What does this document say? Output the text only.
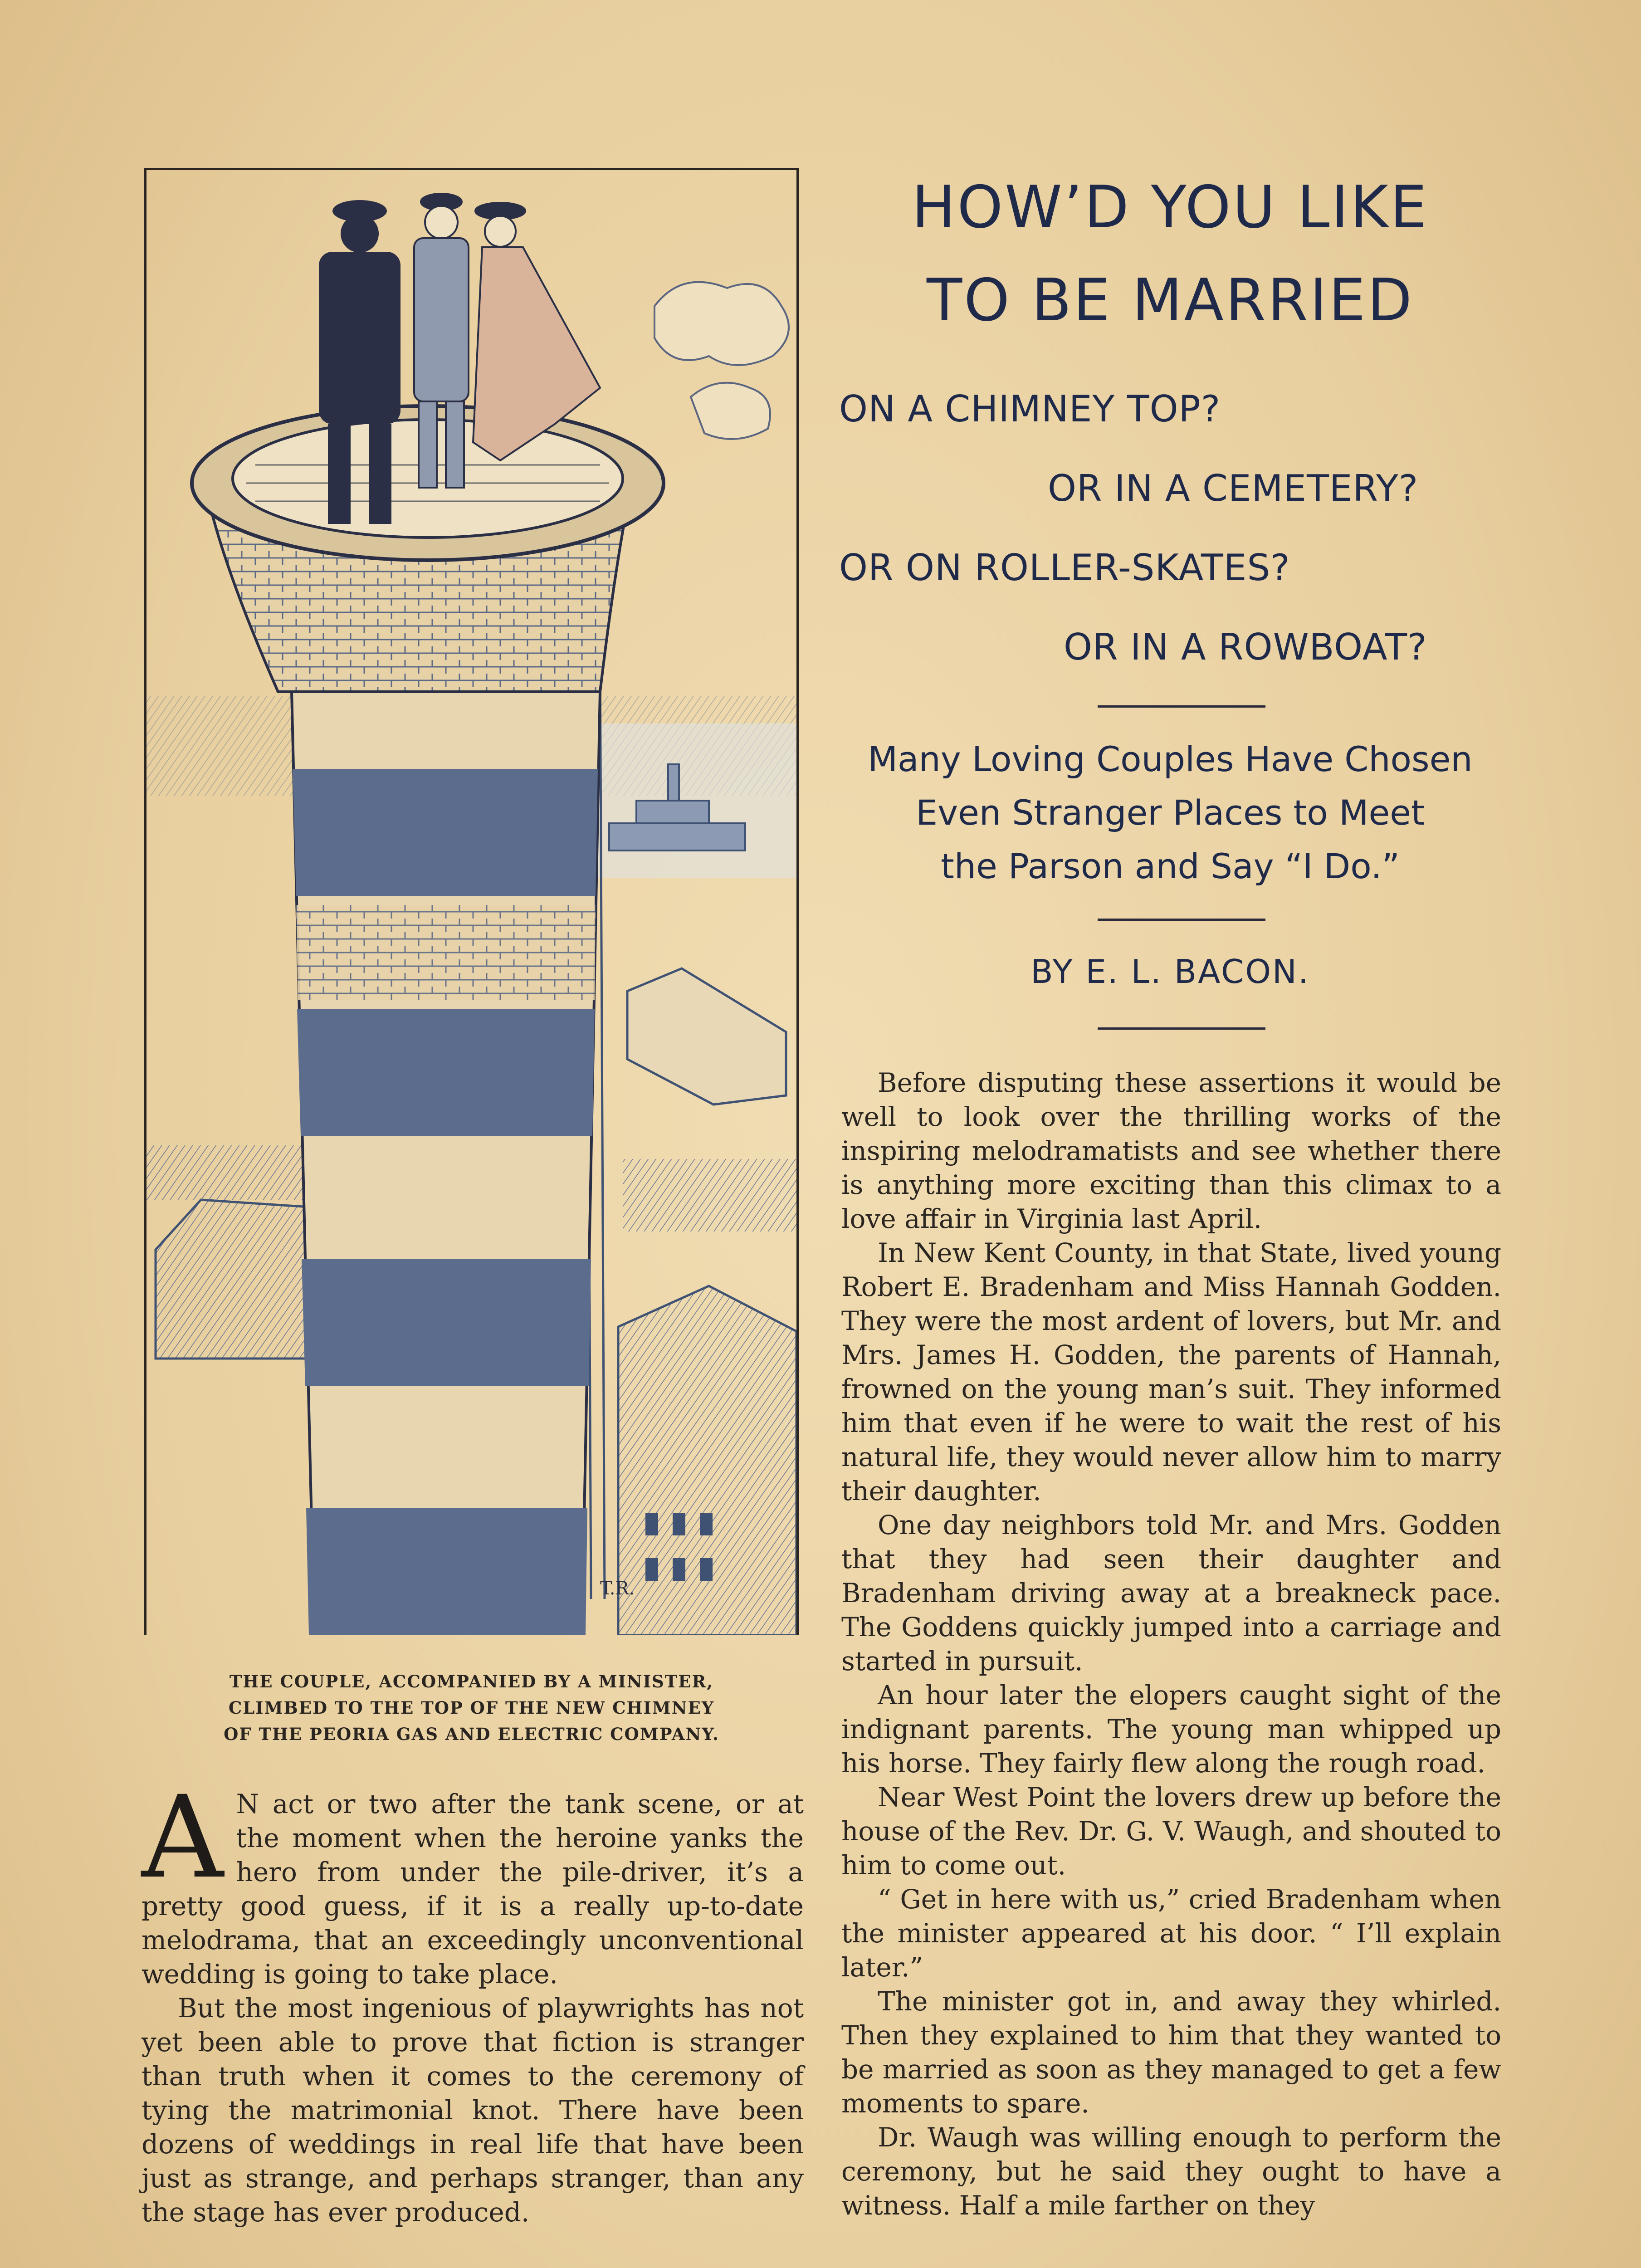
T.R.
THE COUPLE, ACCOMPANIED BY A MINISTER,
CLIMBED TO THE TOP OF THE NEW CHIMNEY
OF THE PEORIA GAS AND ELECTRIC COMPANY.
HOW’D YOU LIKE
TO BE MARRIED
ON A CHIMNEY TOP?
OR IN A CEMETERY?
OR ON ROLLER-SKATES?
OR IN A ROWBOAT?
Many Loving Couples Have Chosen
Even Stranger Places to Meet
the Parson and Say “I Do.”
BY E. L. BACON.

A N act or two after the tank scene, or at the moment when the heroine yanks the hero from under the pile-driver, it’s a pretty good guess, if it is a really up-to-date melodrama, that an exceedingly unconventional wedding is going to take place.

But the most ingenious of playwrights has not yet been able to prove that fiction is stranger than truth when it comes to the ceremony of tying the matrimonial knot. There have been dozens of weddings in real life that have been just as strange, and perhaps stranger, than any the stage has ever produced.

Before disputing these assertions it would be well to look over the thrilling works of the inspiring melodramatists and see whether there is anything more exciting than this climax to a love affair in Virginia last April.

In New Kent County, in that State, lived young Robert E. Bradenham and Miss Hannah Godden. They were the most ardent of lovers, but Mr. and Mrs. James H. Godden, the parents of Hannah, frowned on the young man’s suit. They informed him that even if he were to wait the rest of his natural life, they would never allow him to marry their daughter.

One day neighbors told Mr. and Mrs. Godden that they had seen their daughter and Bradenham driving away at a breakneck pace. The Goddens quickly jumped into a carriage and started in pursuit.

An hour later the elopers caught sight of the indignant parents. The young man whipped up his horse. They fairly flew along the rough road.

Near West Point the lovers drew up before the house of the Rev. Dr. G. V. Waugh, and shouted to him to come out.

“ Get in here with us,” cried Bradenham when the minister appeared at his door. “ I’ll explain later.”

The minister got in, and away they whirled. Then they explained to him that they wanted to be married as soon as they managed to get a few moments to spare.

Dr. Waugh was willing enough to perform the ceremony, but he said they ought to have a witness. Half a mile farther on they
